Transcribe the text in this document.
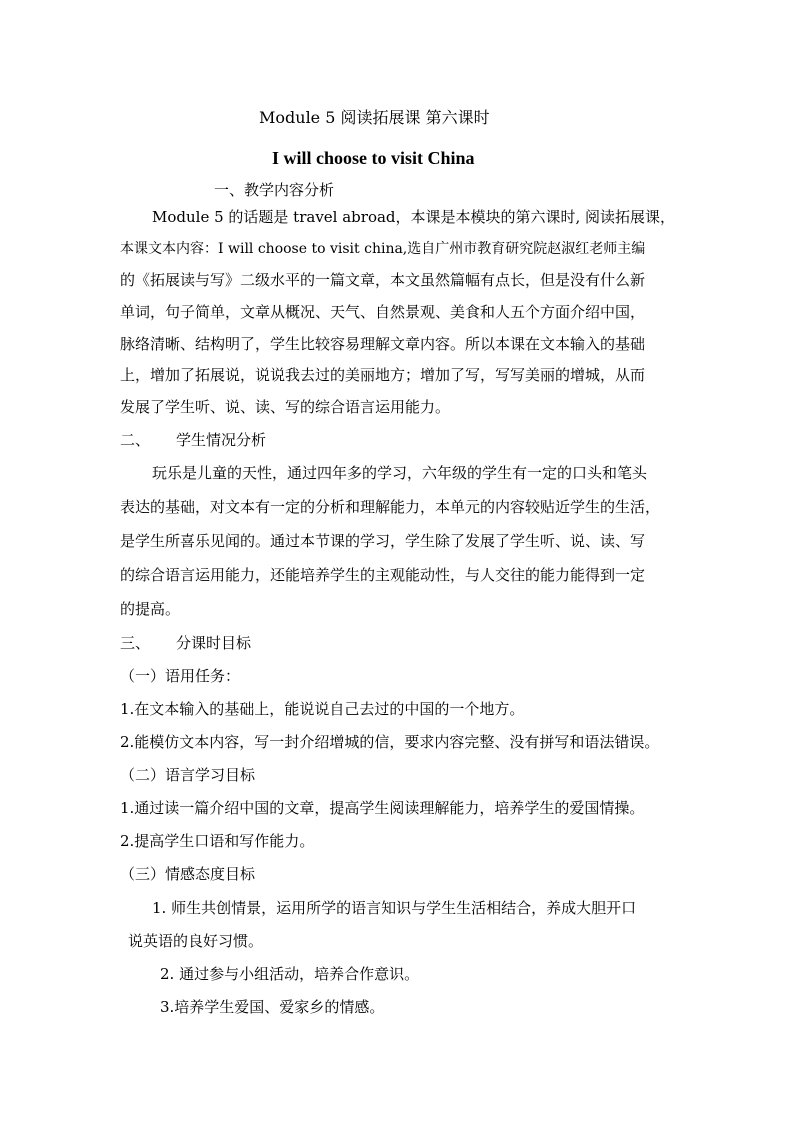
Module 5 阅读拓展课 第六课时
I will choose to visit China
一、教学内容分析
Module 5 的话题是 travel abroad，本课是本模块的第六课时, 阅读拓展课，
本课文本内容：I will choose to visit china,选自广州市教育研究院赵淑红老师主编
的《拓展读与写》二级水平的一篇文章，本文虽然篇幅有点长，但是没有什么新
单词，句子简单，文章从概况、天气、自然景观、美食和人五个方面介绍中国，
脉络清晰、结构明了，学生比较容易理解文章内容。所以本课在文本输入的基础
上，增加了拓展说，说说我去过的美丽地方；增加了写，写写美丽的增城，从而
发展了学生听、说、读、写的综合语言运用能力。
二、 学生情况分析
玩乐是儿童的天性，通过四年多的学习，六年级的学生有一定的口头和笔头
表达的基础，对文本有一定的分析和理解能力，本单元的内容较贴近学生的生活，
是学生所喜乐见闻的。通过本节课的学习，学生除了发展了学生听、说、读、写
的综合语言运用能力，还能培养学生的主观能动性，与人交往的能力能得到一定
的提高。
三、 分课时目标
（一）语用任务：
1.在文本输入的基础上，能说说自己去过的中国的一个地方。
2.能模仿文本内容，写一封介绍增城的信，要求内容完整、没有拼写和语法错误。
（二）语言学习目标
1.通过读一篇介绍中国的文章，提高学生阅读理解能力，培养学生的爱国情操。
2.提高学生口语和写作能力。
（三）情感态度目标
1. 师生共创情景，运用所学的语言知识与学生生活相结合，养成大胆开口
说英语的良好习惯。
2. 通过参与小组活动，培养合作意识。
3.培养学生爱国、爱家乡的情感。
